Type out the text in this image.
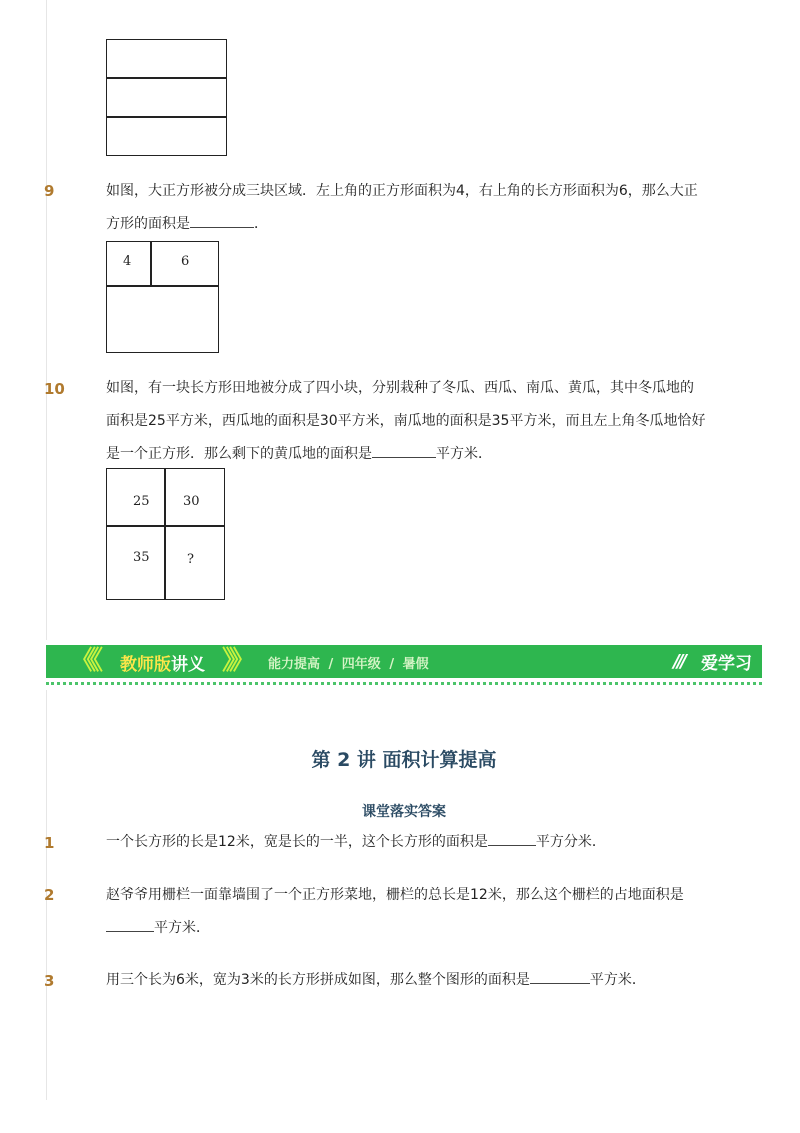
9	如图，大正方形被分成三块区域．左上角的正方形面积为4，右上角的长方形面积为6，那么大正
方形的面积是	．
4	6
10	如图，有一块长方形田地被分成了四小块，分别栽种了冬瓜、西瓜、南瓜、黄瓜，其中冬瓜地的
面积是25平方米，西瓜地的面积是30平方米，南瓜地的面积是35平方米，而且左上角冬瓜地恰好
是一个正方形．那么剩下的黄瓜地的面积是	平方米．
25	30
35	?
《《 教师版讲义 》》 能力提高 / 四年级 / 暑假	/// 爱学习
第 2 讲 面积计算提高
课堂落实答案
1	一个长方形的长是12米，宽是长的一半，这个长方形的面积是	平方分米．
2	赵爷爷用栅栏一面靠墙围了一个正方形菜地，栅栏的总长是12米，那么这个栅栏的占地面积是
平方米．
3	用三个长为6米，宽为3米的长方形拼成如图，那么整个图形的面积是	平方米．
